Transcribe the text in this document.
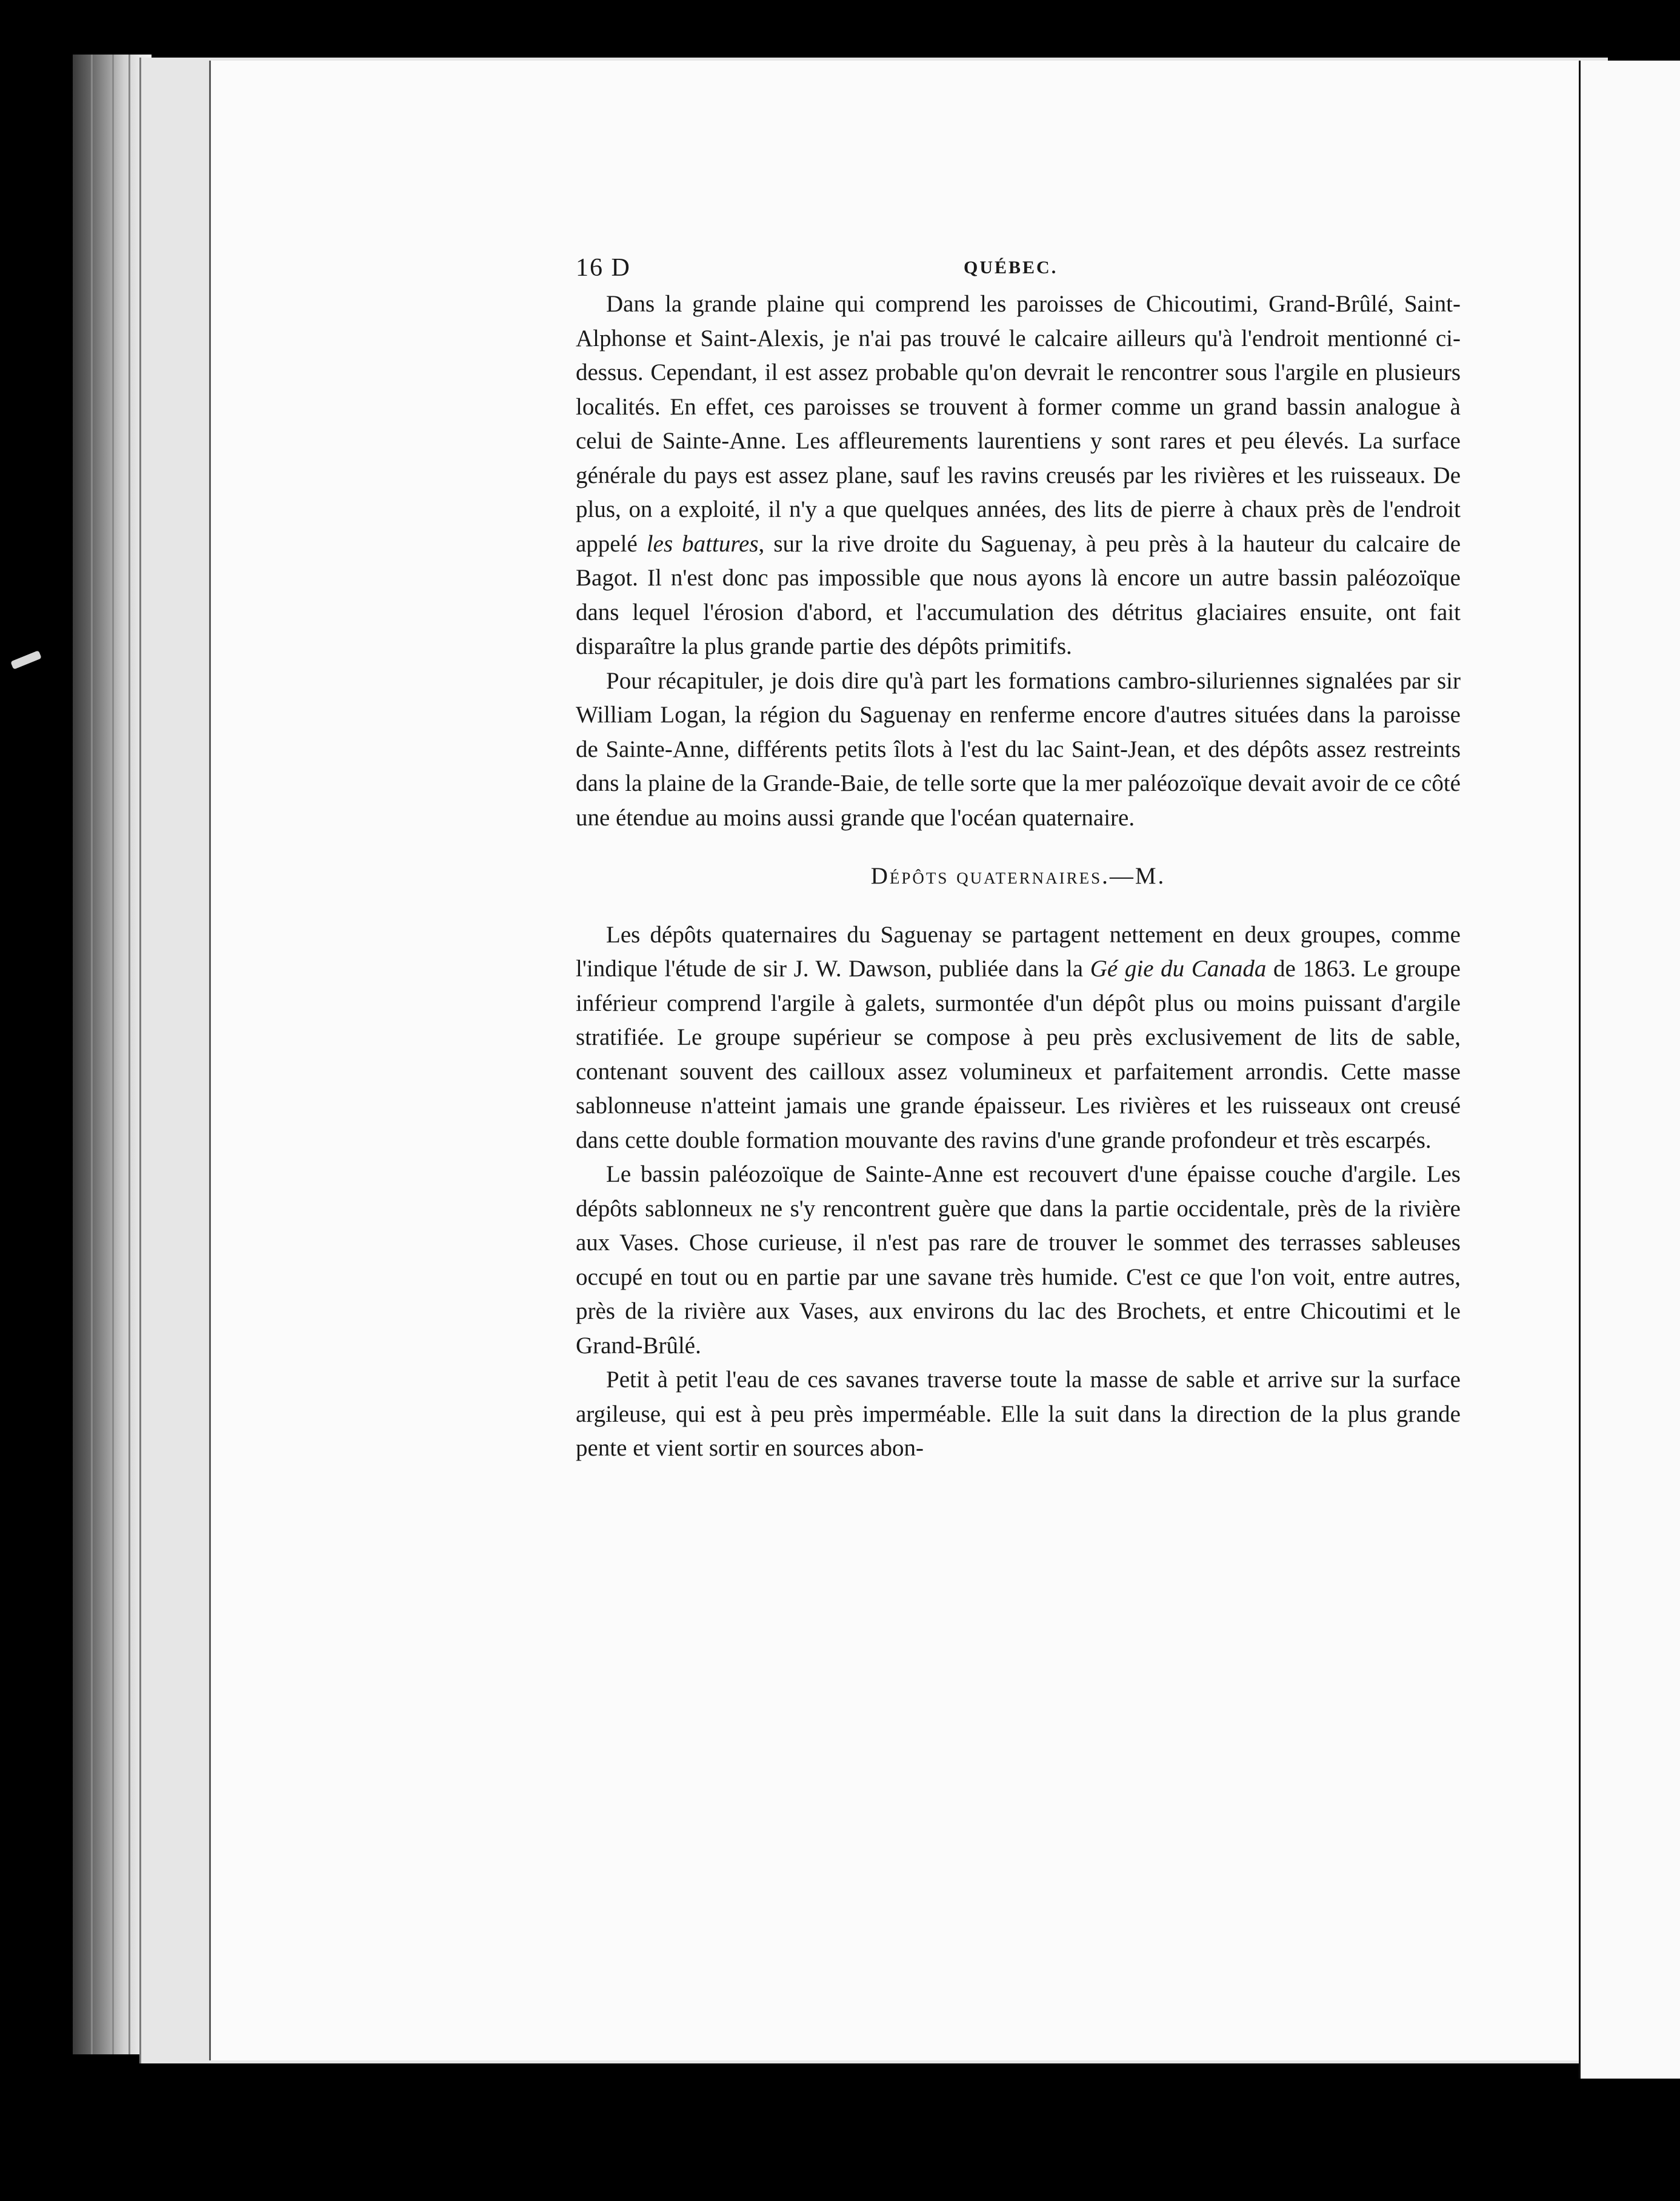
16 D	QUÉBEC.

Dans la grande plaine qui comprend les paroisses de Chicoutimi, Grand-Brûlé, Saint-Alphonse et Saint-Alexis, je n'ai pas trouvé le calcaire ailleurs qu'à l'endroit mentionné ci-dessus. Cependant, il est assez probable qu'on devrait le rencontrer sous l'argile en plusieurs localités. En effet, ces paroisses se trouvent à former comme un grand bassin analogue à celui de Sainte-Anne. Les affleurements laurentiens y sont rares et peu élevés. La surface générale du pays est assez plane, sauf les ravins creusés par les rivières et les ruisseaux. De plus, on a exploité, il n'y a que quelques années, des lits de pierre à chaux près de l'endroit appelé les battures, sur la rive droite du Saguenay, à peu près à la hauteur du calcaire de Bagot. Il n'est donc pas impossible que nous ayons là encore un autre bassin paléozoïque dans lequel l'érosion d'abord, et l'accumulation des détritus glaciaires ensuite, ont fait disparaître la plus grande partie des dépôts primitifs.

Pour récapituler, je dois dire qu'à part les formations cambro-siluriennes signalées par sir William Logan, la région du Saguenay en renferme encore d'autres situées dans la paroisse de Sainte-Anne, différents petits îlots à l'est du lac Saint-Jean, et des dépôts assez restreints dans la plaine de la Grande-Baie, de telle sorte que la mer paléozoïque devait avoir de ce côté une étendue au moins aussi grande que l'océan quaternaire.

Dépôts quaternaires.—M.

Les dépôts quaternaires du Saguenay se partagent nettement en deux groupes, comme l'indique l'étude de sir J. W. Dawson, publiée dans la Gé gie du Canada de 1863. Le groupe inférieur comprend l'argile à galets, surmontée d'un dépôt plus ou moins puissant d'argile stratifiée. Le groupe supérieur se compose à peu près exclusivement de lits de sable, contenant souvent des cailloux assez volumineux et parfaitement arrondis. Cette masse sablonneuse n'atteint jamais une grande épaisseur. Les rivières et les ruisseaux ont creusé dans cette double formation mouvante des ravins d'une grande profondeur et très escarpés.

Le bassin paléozoïque de Sainte-Anne est recouvert d'une épaisse couche d'argile. Les dépôts sablonneux ne s'y rencontrent guère que dans la partie occidentale, près de la rivière aux Vases. Chose curieuse, il n'est pas rare de trouver le sommet des terrasses sableuses occupé en tout ou en partie par une savane très humide. C'est ce que l'on voit, entre autres, près de la rivière aux Vases, aux environs du lac des Brochets, et entre Chicoutimi et le Grand-Brûlé.

Petit à petit l'eau de ces savanes traverse toute la masse de sable et arrive sur la surface argileuse, qui est à peu près imperméable. Elle la suit dans la direction de la plus grande pente et vient sortir en sources abon-
